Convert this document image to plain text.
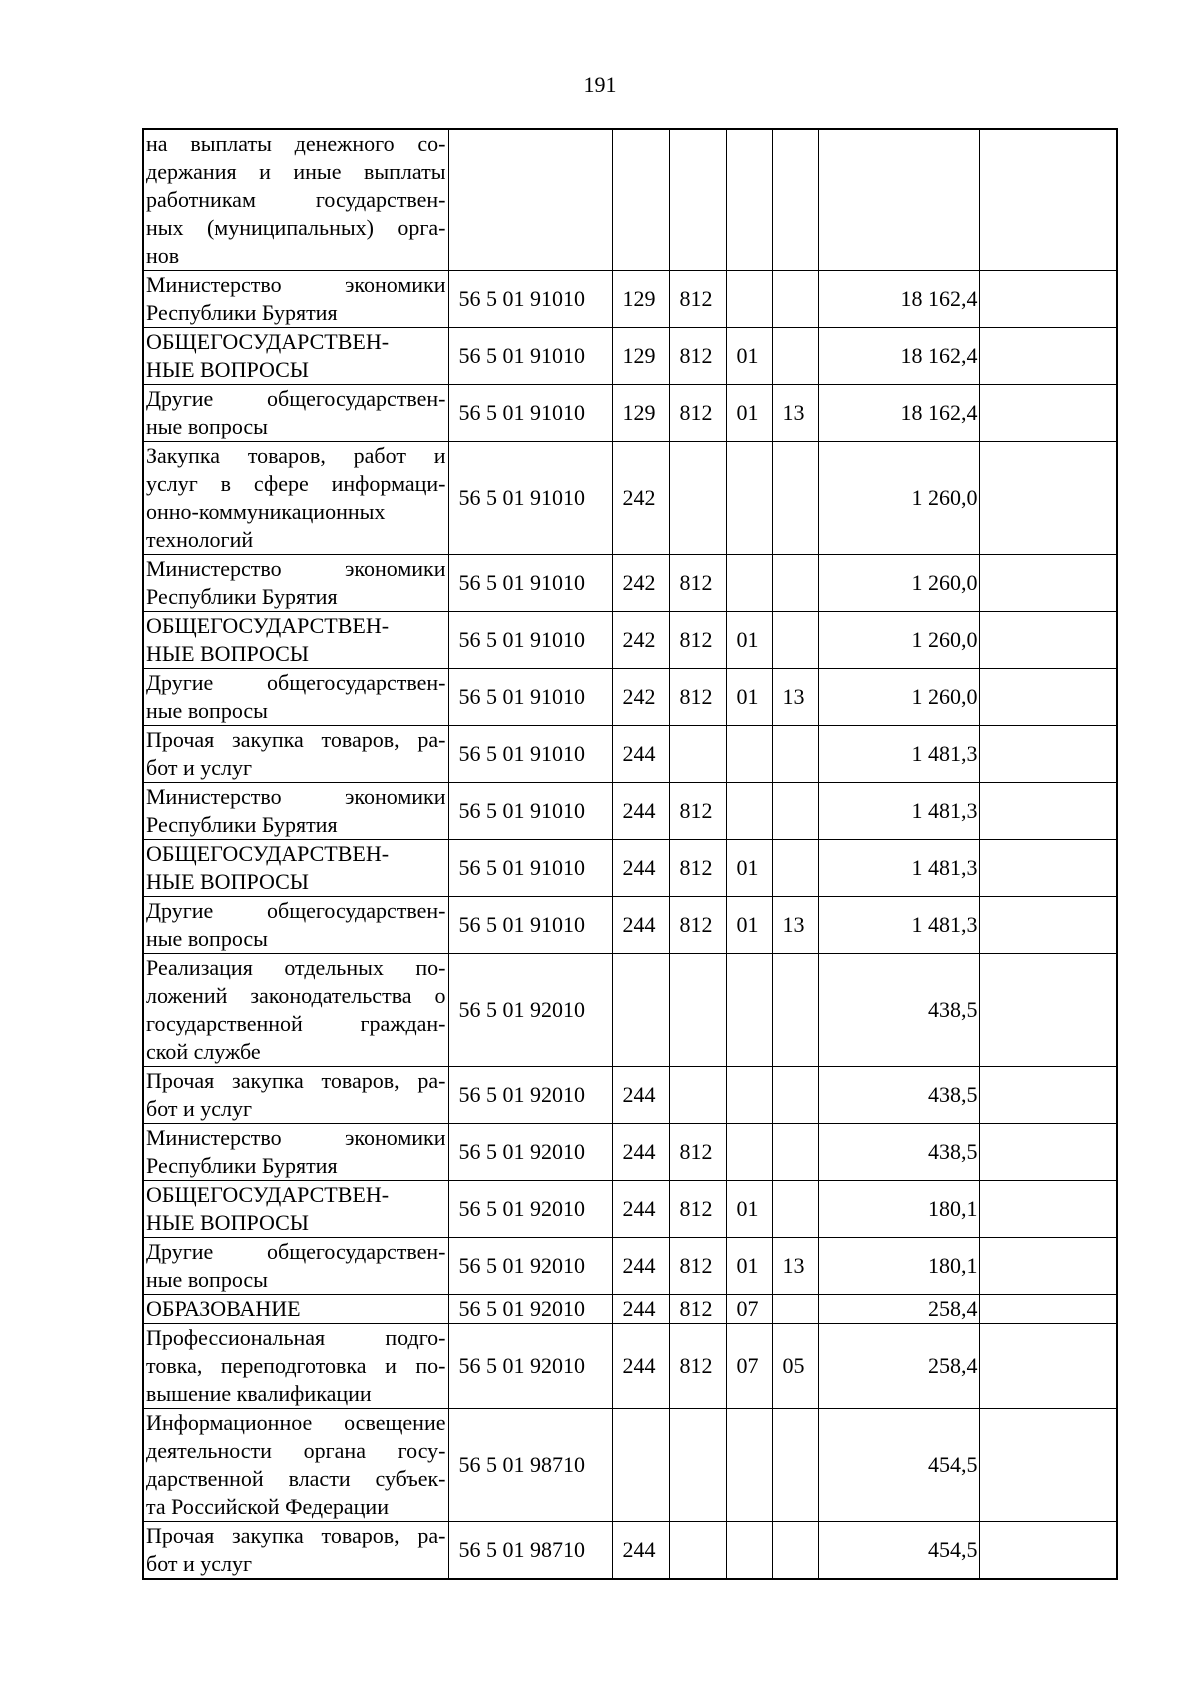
191
на выплаты денежного со-
держания и иные выплаты
работникам государствен-
ных (муниципальных) орга-
нов							

Министерство экономики
Республики Бурятия	56 5 01 91010	129	812			18 162,4	

ОБЩЕГОСУДАРСТВЕН-
НЫЕ ВОПРОСЫ	56 5 01 91010	129	812	01		18 162,4	

Другие общегосударствен-
ные вопросы	56 5 01 91010	129	812	01	13	18 162,4	

Закупка товаров, работ и
услуг в сфере информаци-
онно-коммуникационных
технологий	56 5 01 91010	242				1 260,0	

Министерство экономики
Республики Бурятия	56 5 01 91010	242	812			1 260,0	

ОБЩЕГОСУДАРСТВЕН-
НЫЕ ВОПРОСЫ	56 5 01 91010	242	812	01		1 260,0	

Другие общегосударствен-
ные вопросы	56 5 01 91010	242	812	01	13	1 260,0	

Прочая закупка товаров, ра-
бот и услуг	56 5 01 91010	244				1 481,3	

Министерство экономики
Республики Бурятия	56 5 01 91010	244	812			1 481,3	

ОБЩЕГОСУДАРСТВЕН-
НЫЕ ВОПРОСЫ	56 5 01 91010	244	812	01		1 481,3	

Другие общегосударствен-
ные вопросы	56 5 01 91010	244	812	01	13	1 481,3	

Реализация отдельных по-
ложений законодательства о
государственной граждан-
ской службе	56 5 01 92010					438,5	

Прочая закупка товаров, ра-
бот и услуг	56 5 01 92010	244				438,5	

Министерство экономики
Республики Бурятия	56 5 01 92010	244	812			438,5	

ОБЩЕГОСУДАРСТВЕН-
НЫЕ ВОПРОСЫ	56 5 01 92010	244	812	01		180,1	

Другие общегосударствен-
ные вопросы	56 5 01 92010	244	812	01	13	180,1	

ОБРАЗОВАНИЕ	56 5 01 92010	244	812	07		258,4	

Профессиональная подго-
товка, переподготовка и по-
вышение квалификации	56 5 01 92010	244	812	07	05	258,4	

Информационное освещение
деятельности органа госу-
дарственной власти субъек-
та Российской Федерации	56 5 01 98710					454,5	

Прочая закупка товаров, ра-
бот и услуг	56 5 01 98710	244				454,5	
